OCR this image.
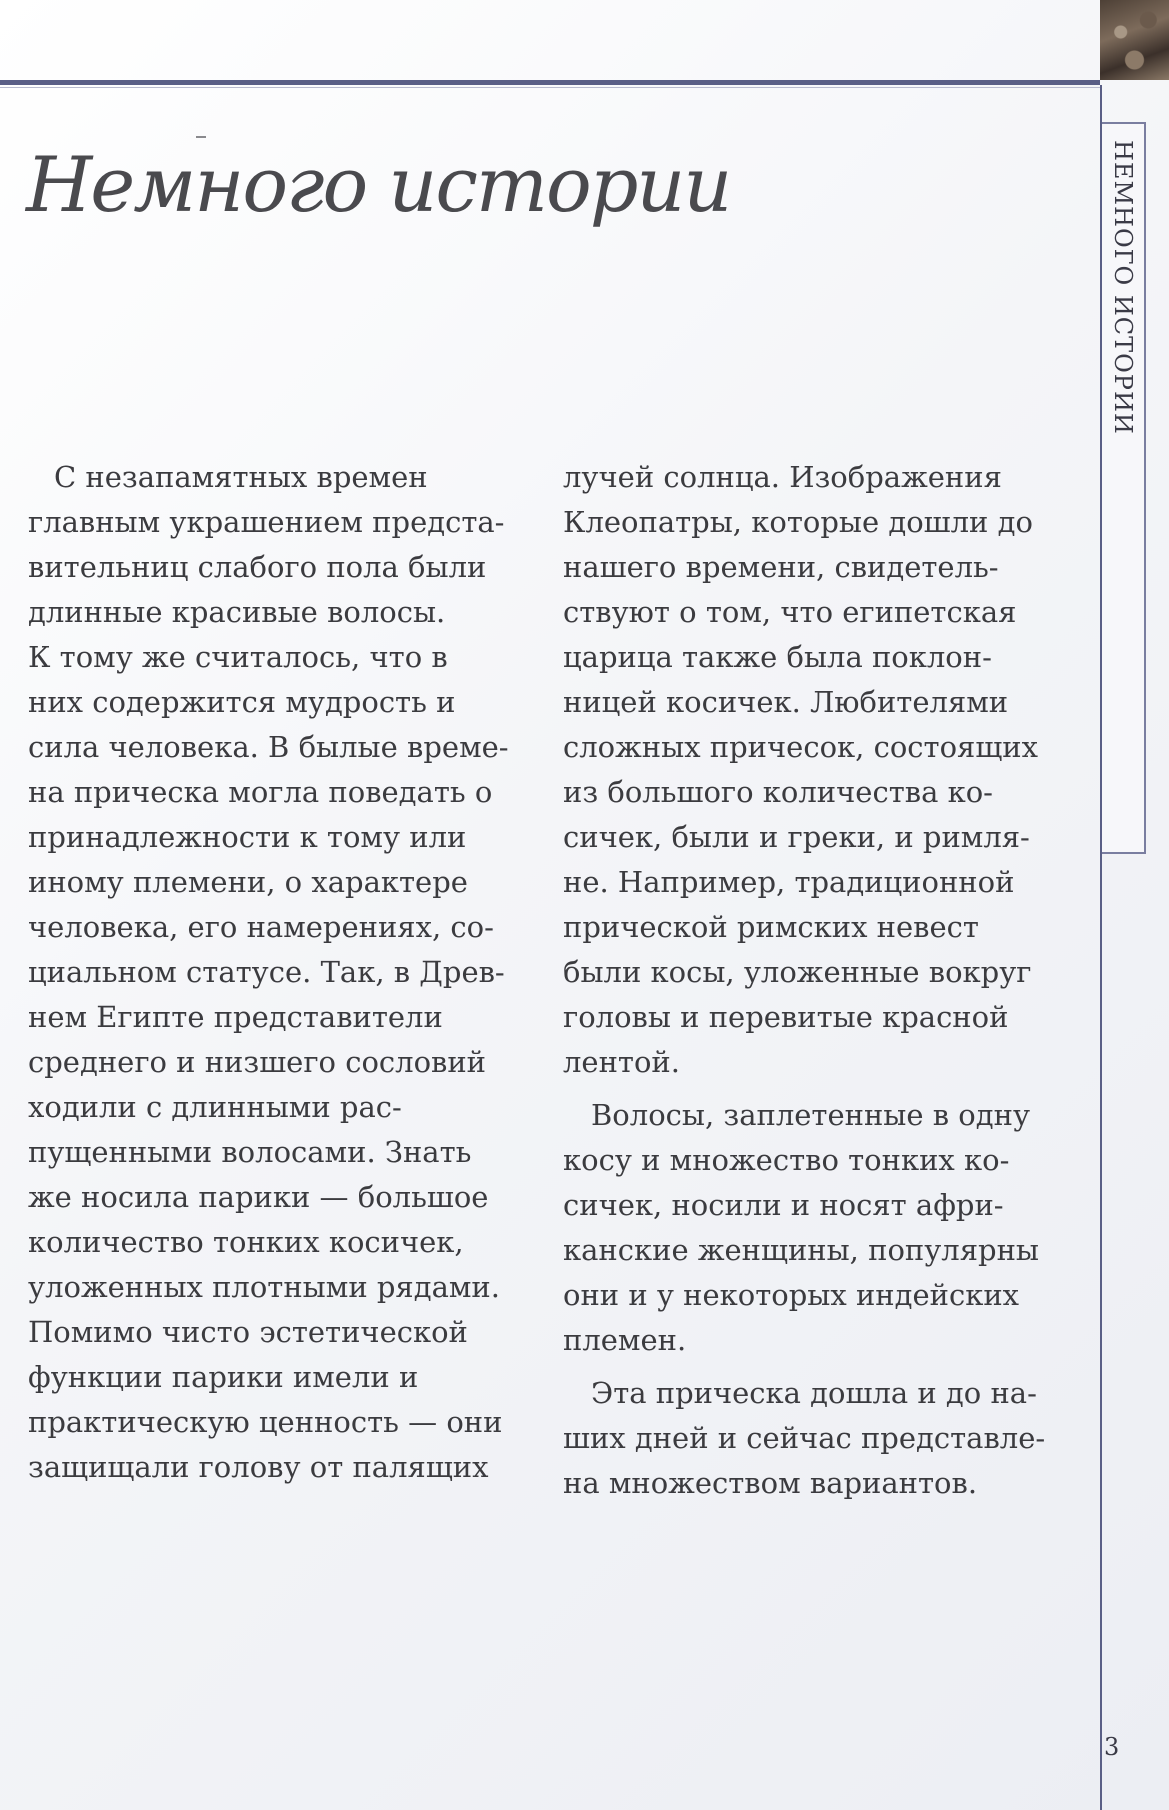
НЕМНОГО ИСТОРИИ
Немного истории
С незапамятных времен
главным украшением предста-
вительниц слабого пола были
длинные красивые волосы.
К тому же считалось, что в
них содержится мудрость и
сила человека. В былые време-
на прическа могла поведать о
принадлежности к тому или
иному племени, о характере
человека, его намерениях, со-
циальном статусе. Так, в Древ-
нем Египте представители
среднего и низшего сословий
ходили с длинными рас-
пущенными волосами. Знать
же носила парики — большое
количество тонких косичек,
уложенных плотными рядами.
Помимо чисто эстетической
функции парики имели и
практическую ценность — они
защищали голову от палящих
лучей солнца. Изображения
Клеопатры, которые дошли до
нашего времени, свидетель-
ствуют о том, что египетская
царица также была поклон-
ницей косичек. Любителями
сложных причесок, состоящих
из большого количества ко-
сичек, были и греки, и римля-
не. Например, традиционной
прической римских невест
были косы, уложенные вокруг
головы и перевитые красной
лентой.
Волосы, заплетенные в одну
косу и множество тонких ко-
сичек, носили и носят афри-
канские женщины, популярны
они и у некоторых индейских
племен.
Эта прическа дошла и до на-
ших дней и сейчас представле-
на множеством вариантов.
3
